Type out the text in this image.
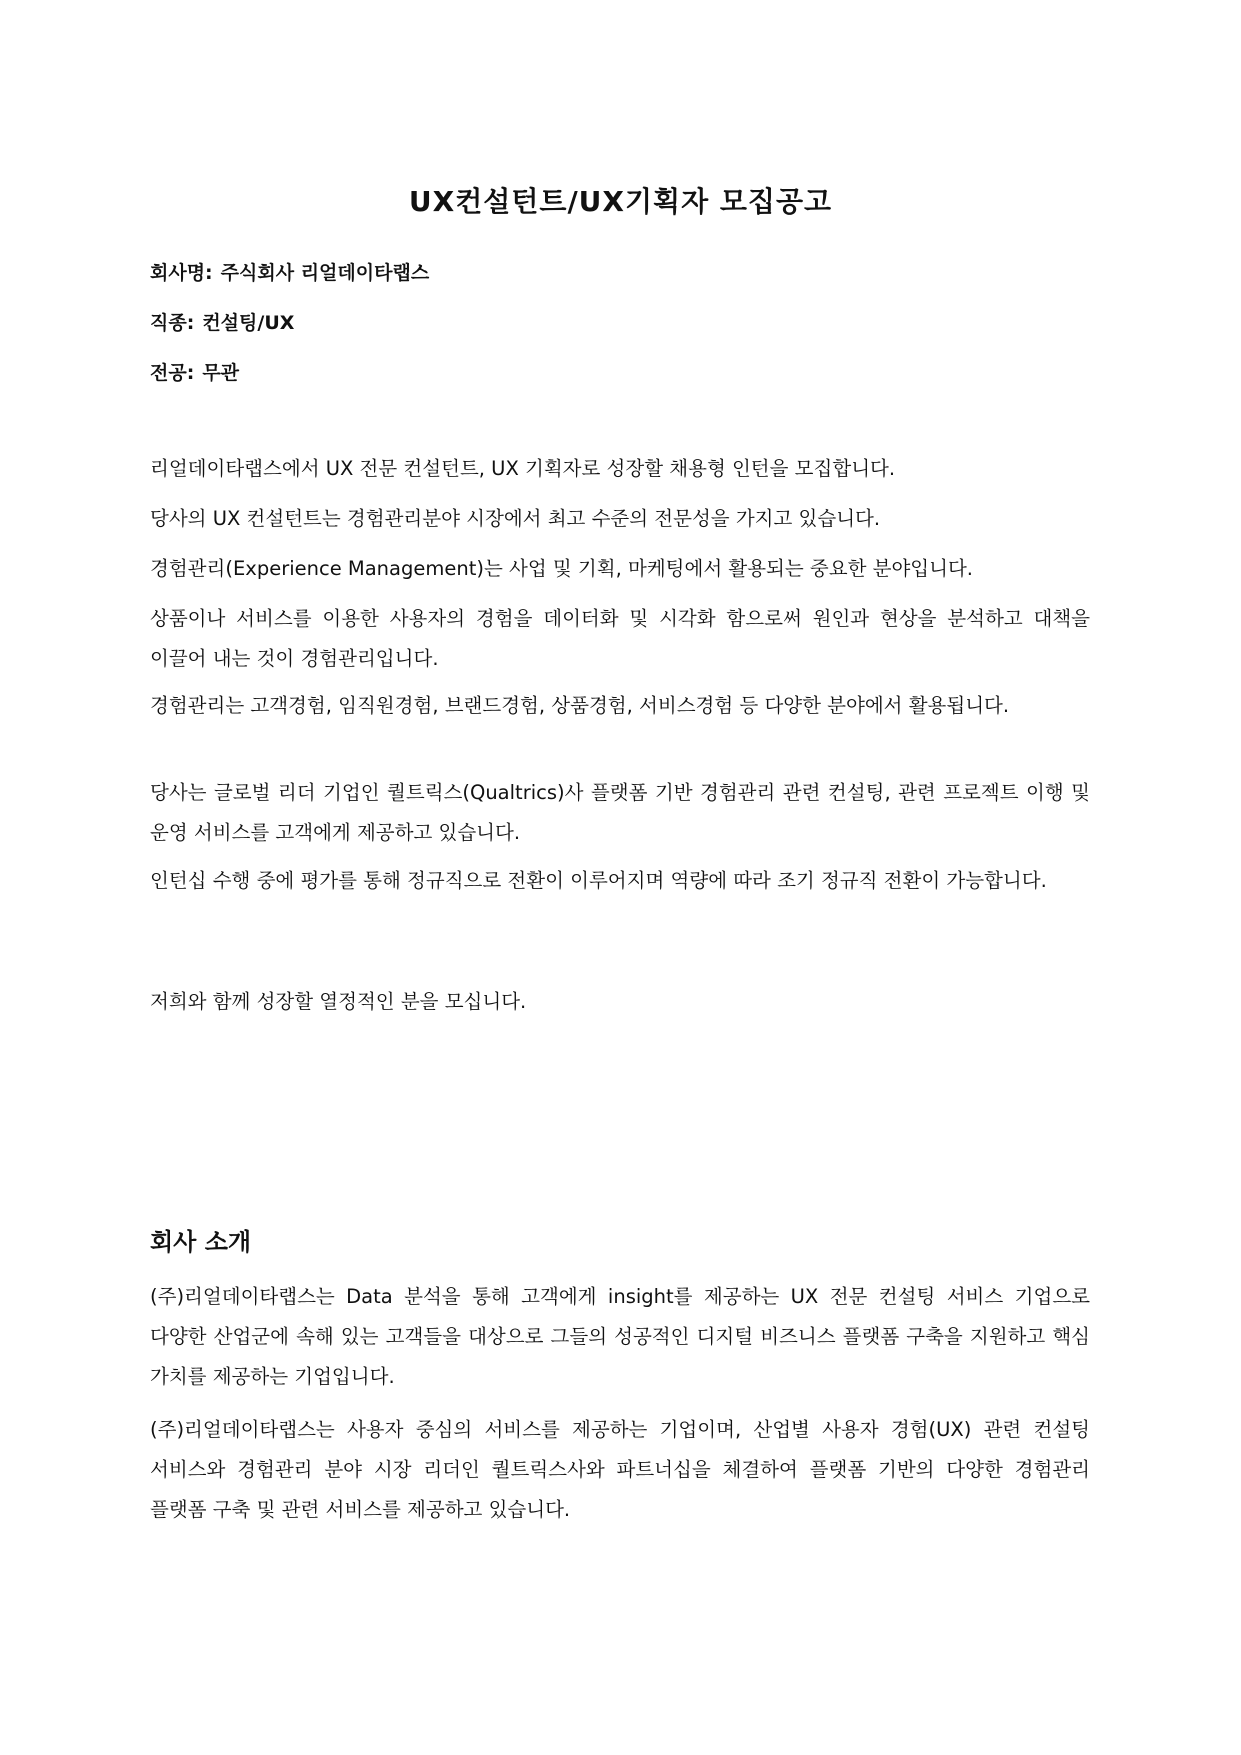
UX컨설턴트/UX기획자 모집공고

회사명: 주식회사 리얼데이타랩스

직종: 컨설팅/UX

전공: 무관

리얼데이타랩스에서 UX 전문 컨설턴트, UX 기획자로 성장할 채용형 인턴을 모집합니다.

당사의 UX 컨설턴트는 경험관리분야 시장에서 최고 수준의 전문성을 가지고 있습니다.

경험관리(Experience Management)는 사업 및 기획, 마케팅에서 활용되는 중요한 분야입니다.

상품이나 서비스를 이용한 사용자의 경험을 데이터화 및 시각화 함으로써 원인과 현상을 분석하고 대책을 이끌어 내는 것이 경험관리입니다.

경험관리는 고객경험, 임직원경험, 브랜드경험, 상품경험, 서비스경험 등 다양한 분야에서 활용됩니다.

당사는 글로벌 리더 기업인 퀄트릭스(Qualtrics)사 플랫폼 기반 경험관리 관련 컨설팅, 관련 프로젝트 이행 및 운영 서비스를 고객에게 제공하고 있습니다.

인턴십 수행 중에 평가를 통해 정규직으로 전환이 이루어지며 역량에 따라 조기 정규직 전환이 가능합니다.

저희와 함께 성장할 열정적인 분을 모십니다.

회사 소개

(주)리얼데이타랩스는 Data 분석을 통해 고객에게 insight를 제공하는 UX 전문 컨설팅 서비스 기업으로 다양한 산업군에 속해 있는 고객들을 대상으로 그들의 성공적인 디지털 비즈니스 플랫폼 구축을 지원하고 핵심 가치를 제공하는 기업입니다.

(주)리얼데이타랩스는 사용자 중심의 서비스를 제공하는 기업이며, 산업별 사용자 경험(UX) 관련 컨설팅 서비스와 경험관리 분야 시장 리더인 퀄트릭스사와 파트너십을 체결하여 플랫폼 기반의 다양한 경험관리 플랫폼 구축 및 관련 서비스를 제공하고 있습니다.
